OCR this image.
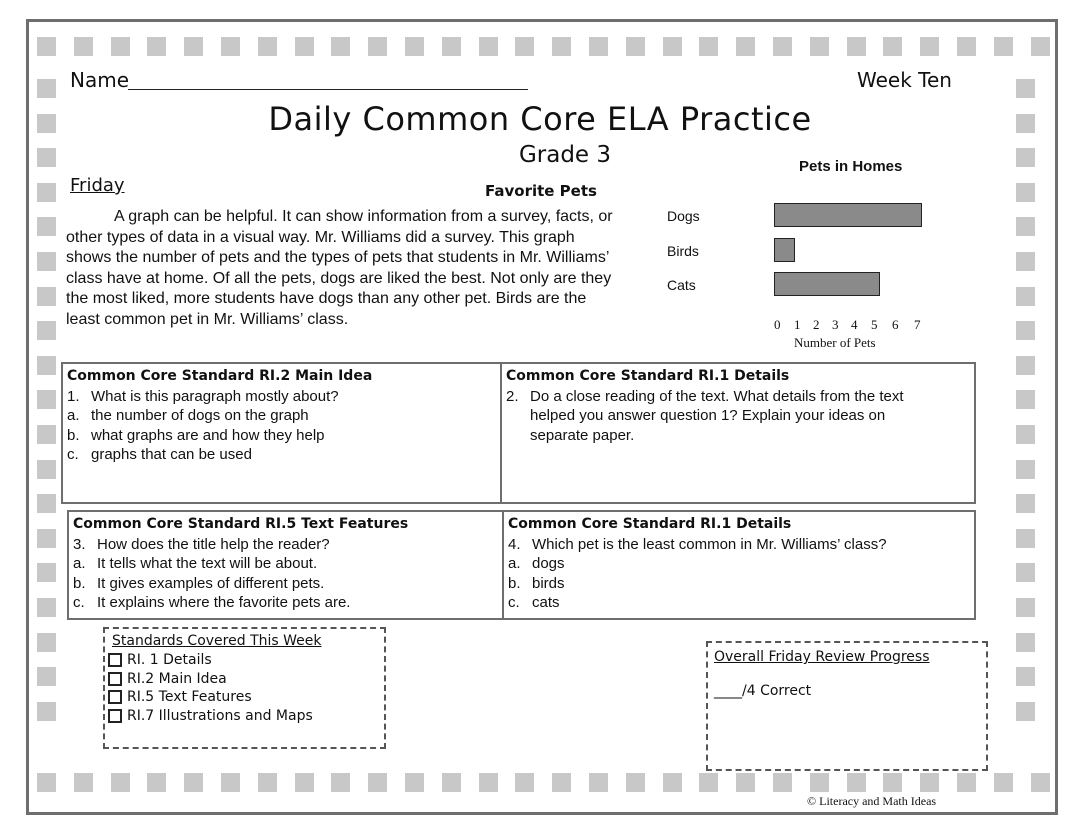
Name	Week Ten
Daily Common Core ELA Practice
Grade 3
Friday	Favorite Pets
A graph can be helpful. It can show information from a survey, facts, or other types of data in a visual way. Mr. Williams did a survey. This graph shows the number of pets and the types of pets that students in Mr. Williams’ class have at home. Of all the pets, dogs are liked the best. Not only are they the most liked, more students have dogs than any other pet. Birds are the least common pet in Mr. Williams’ class.
Pets in Homes
Dogs
Birds
Cats
0 1 2 3 4 5 6 7
Number of Pets
Common Core Standard RI.2 Main Idea
1. What is this paragraph mostly about?
a. the number of dogs on the graph
b. what graphs are and how they help
c. graphs that can be used
Common Core Standard RI.1 Details
2. Do a close reading of the text. What details from the text helped you answer question 1? Explain your ideas on separate paper.
Common Core Standard RI.5 Text Features
3. How does the title help the reader?
a. It tells what the text will be about.
b. It gives examples of different pets.
c. It explains where the favorite pets are.
Common Core Standard RI.1 Details
4. Which pet is the least common in Mr. Williams’ class?
a. dogs
b. birds
c. cats
Standards Covered This Week
RI. 1 Details
RI.2 Main Idea
RI.5 Text Features
RI.7 Illustrations and Maps
Overall Friday Review Progress
____/4 Correct
© Literacy and Math Ideas
